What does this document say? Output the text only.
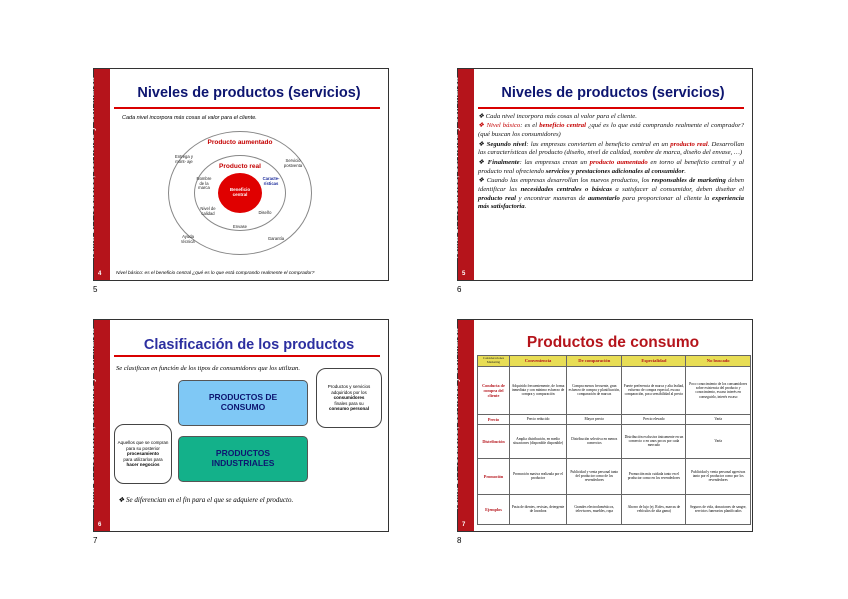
Tema 1: Productos, servicios y est. marca
4
Niveles de productos (servicios)
Cada nivel incorpora más cosas al valor para el cliente.
Producto aumentado
Producto real
Beneficio central
Entrega y mont- aje	Servicio postventa
Nombre de la marca
Caracte- rísticas
Nivel de calidad	Diseño
Envase
Ayuda técnica
Garantía
Nivel básico: es el beneficio central ¿qué es lo que está comprando realmente el comprador?
5
Tema 1: Productos, servicios y est. marca
5
Niveles de productos (servicios)
❖ Cada nivel incorpora más cosas al valor para el cliente.
❖ Nivel básico: es el beneficio central ¿qué es lo que está comprando realmente el comprador? (qué buscan los consumidores)
❖ Segundo nivel: las empresas convierten el beneficio central en un producto real. Desarrollan las características del producto (diseño, nivel de calidad, nombre de marca, diseño del envase, …)
❖ Finalmente: las empresas crean un producto aumentado en torno al beneficio central y al producto real ofreciendo servicios y prestaciones adicionales al consumidor.
❖ Cuando las empresas desarrollan los nuevos productos, los responsables de marketing deben identificar las necesidades centrales o básicas a satisfacer al consumidor, deben diseñar el producto real y encontrar maneras de aumentarlo para proporcionar al cliente la experiencia más satisfactoria.
6
Tema 1: Productos, servicios y est. marca
6
Clasificación de los productos
Se clasifican en función de los tipos de consumidores que los utilizan.
PRODUCTOS DE CONSUMO
PRODUCTOS INDUSTRIALES
Productos y servicios adquiridos por los
consumidores
finales para su
consumo personal
Aquellos que se compran para su posterior
procesamiento
para utilizarlos para
hacer negocios
❖ Se diferencian en el fin para el que se adquiere el producto.
7
Tema 1: Productos, servicios y est. marca
7
Productos de consumo
Consideraciones Marketing	Conveniencia	De comparación	Especialidad	No buscado
Conducta de compra del cliente	Adquirido frecuentemente, de forma inmediata y con mínimo esfuerzo de compra y comparación	Compra menos frecuente, gran esfuerzo de compra y planificación, comparación de marcas	Fuerte preferencia de marca y alta lealtad, esfuerzo de compra especial, escasa comparación, poca sensibilidad al precio	Poco conocimiento de los consumidores sobre existencia del producto y conocimiento, escaso interés en conseguirlo, interés escaso
Precio	Precio reducido	Mayor precio	Precio elevado	Varía
Distribución	Amplia distribución, en medio situaciones (disponible disponible)	Distribución selectiva en menos comercios	Distribución exclusiva únicamente en un comercio o en unos pocos por cada mercado	Varía
Promoción	Promoción masiva realizada por el productor	Publicidad y venta personal tanto del productor como de los revendedores	Promoción más cuidada tanto en el productor como en los revendedores	Publicidad y venta personal agresivas tanto por el productor como por los revendedores
Ejemplos	Pasta de dientes, revistas, detergente de lavadora	Grandes electrodomésticos, televisores, muebles, ropa	Ahorro de lujo (ej. Rolex, marcas de vehículos de alta gama)	Seguros de vida, donaciones de sangre, servicios funerarios planificados
8
